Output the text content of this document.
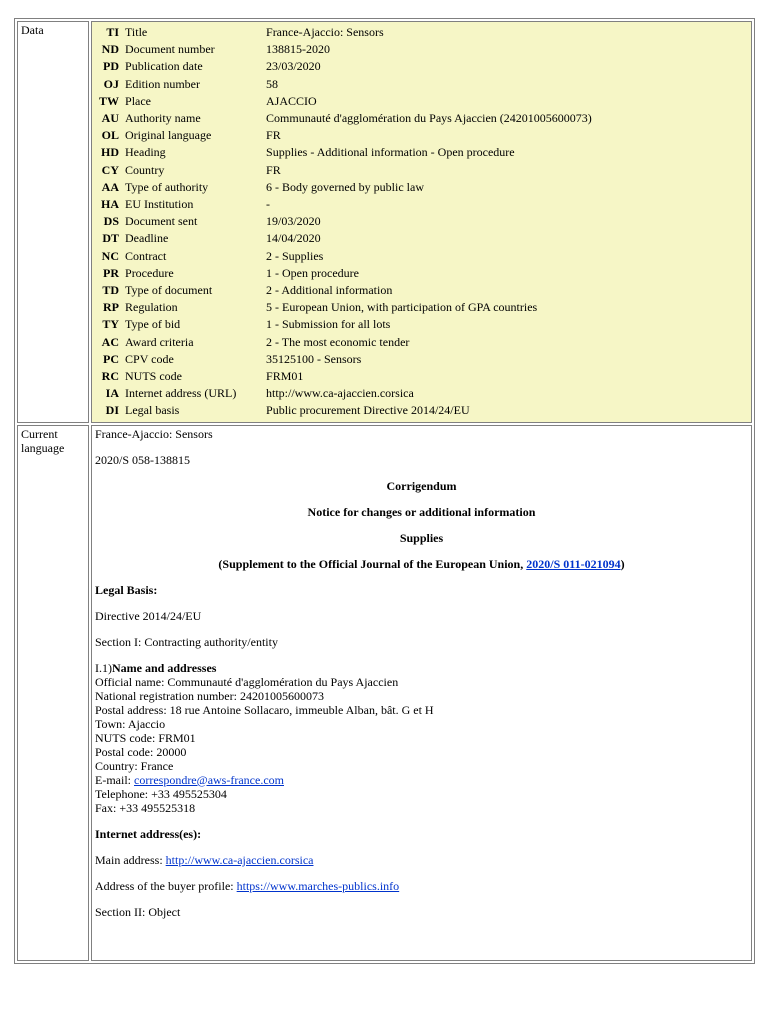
Data		TI	Title	France-Ajaccio: Sensors
ND	Document number	138815-2020
PD	Publication date	23/03/2020
OJ	Edition number	58
TW	Place	AJACCIO
AU	Authority name	Communauté d'agglomération du Pays Ajaccien (24201005600073)
OL	Original language	FR
HD	Heading	Supplies - Additional information - Open procedure
CY	Country	FR
AA	Type of authority	6 - Body governed by public law
HA	EU Institution	-
DS	Document sent	19/03/2020
DT	Deadline	14/04/2020
NC	Contract	2 - Supplies
PR	Procedure	1 - Open procedure
TD	Type of document	2 - Additional information
RP	Regulation	5 - European Union, with participation of GPA countries
TY	Type of bid	1 - Submission for all lots
AC	Award criteria	2 - The most economic tender
PC	CPV code	35125100 - Sensors
RC	NUTS code	FRM01
IA	Internet address (URL)	http://www.ca-ajaccien.corsica
DI	Legal basis	Public procurement Directive 2014/24/EU

Current
language	

France-Ajaccio: Sensors

2020/S 058-138815

Corrigendum

Notice for changes or additional information

Supplies

(Supplement to the Official Journal of the European Union, 2020/S 011-021094)

Legal Basis:

Directive 2014/24/EU

Section I: Contracting authority/entity

I.1)Name and addresses

Official name: Communauté d'agglomération du Pays Ajaccien

National registration number: 24201005600073

Postal address: 18 rue Antoine Sollacaro, immeuble Alban, bât. G et H

Town: Ajaccio

NUTS code: FRM01

Postal code: 20000

Country: France

E-mail: correspondre@aws-france.com

Telephone: +33 495525304

Fax: +33 495525318

Internet address(es):

Main address: http://www.ca-ajaccien.corsica

Address of the buyer profile: https://www.marches-publics.info

Section II: Object
